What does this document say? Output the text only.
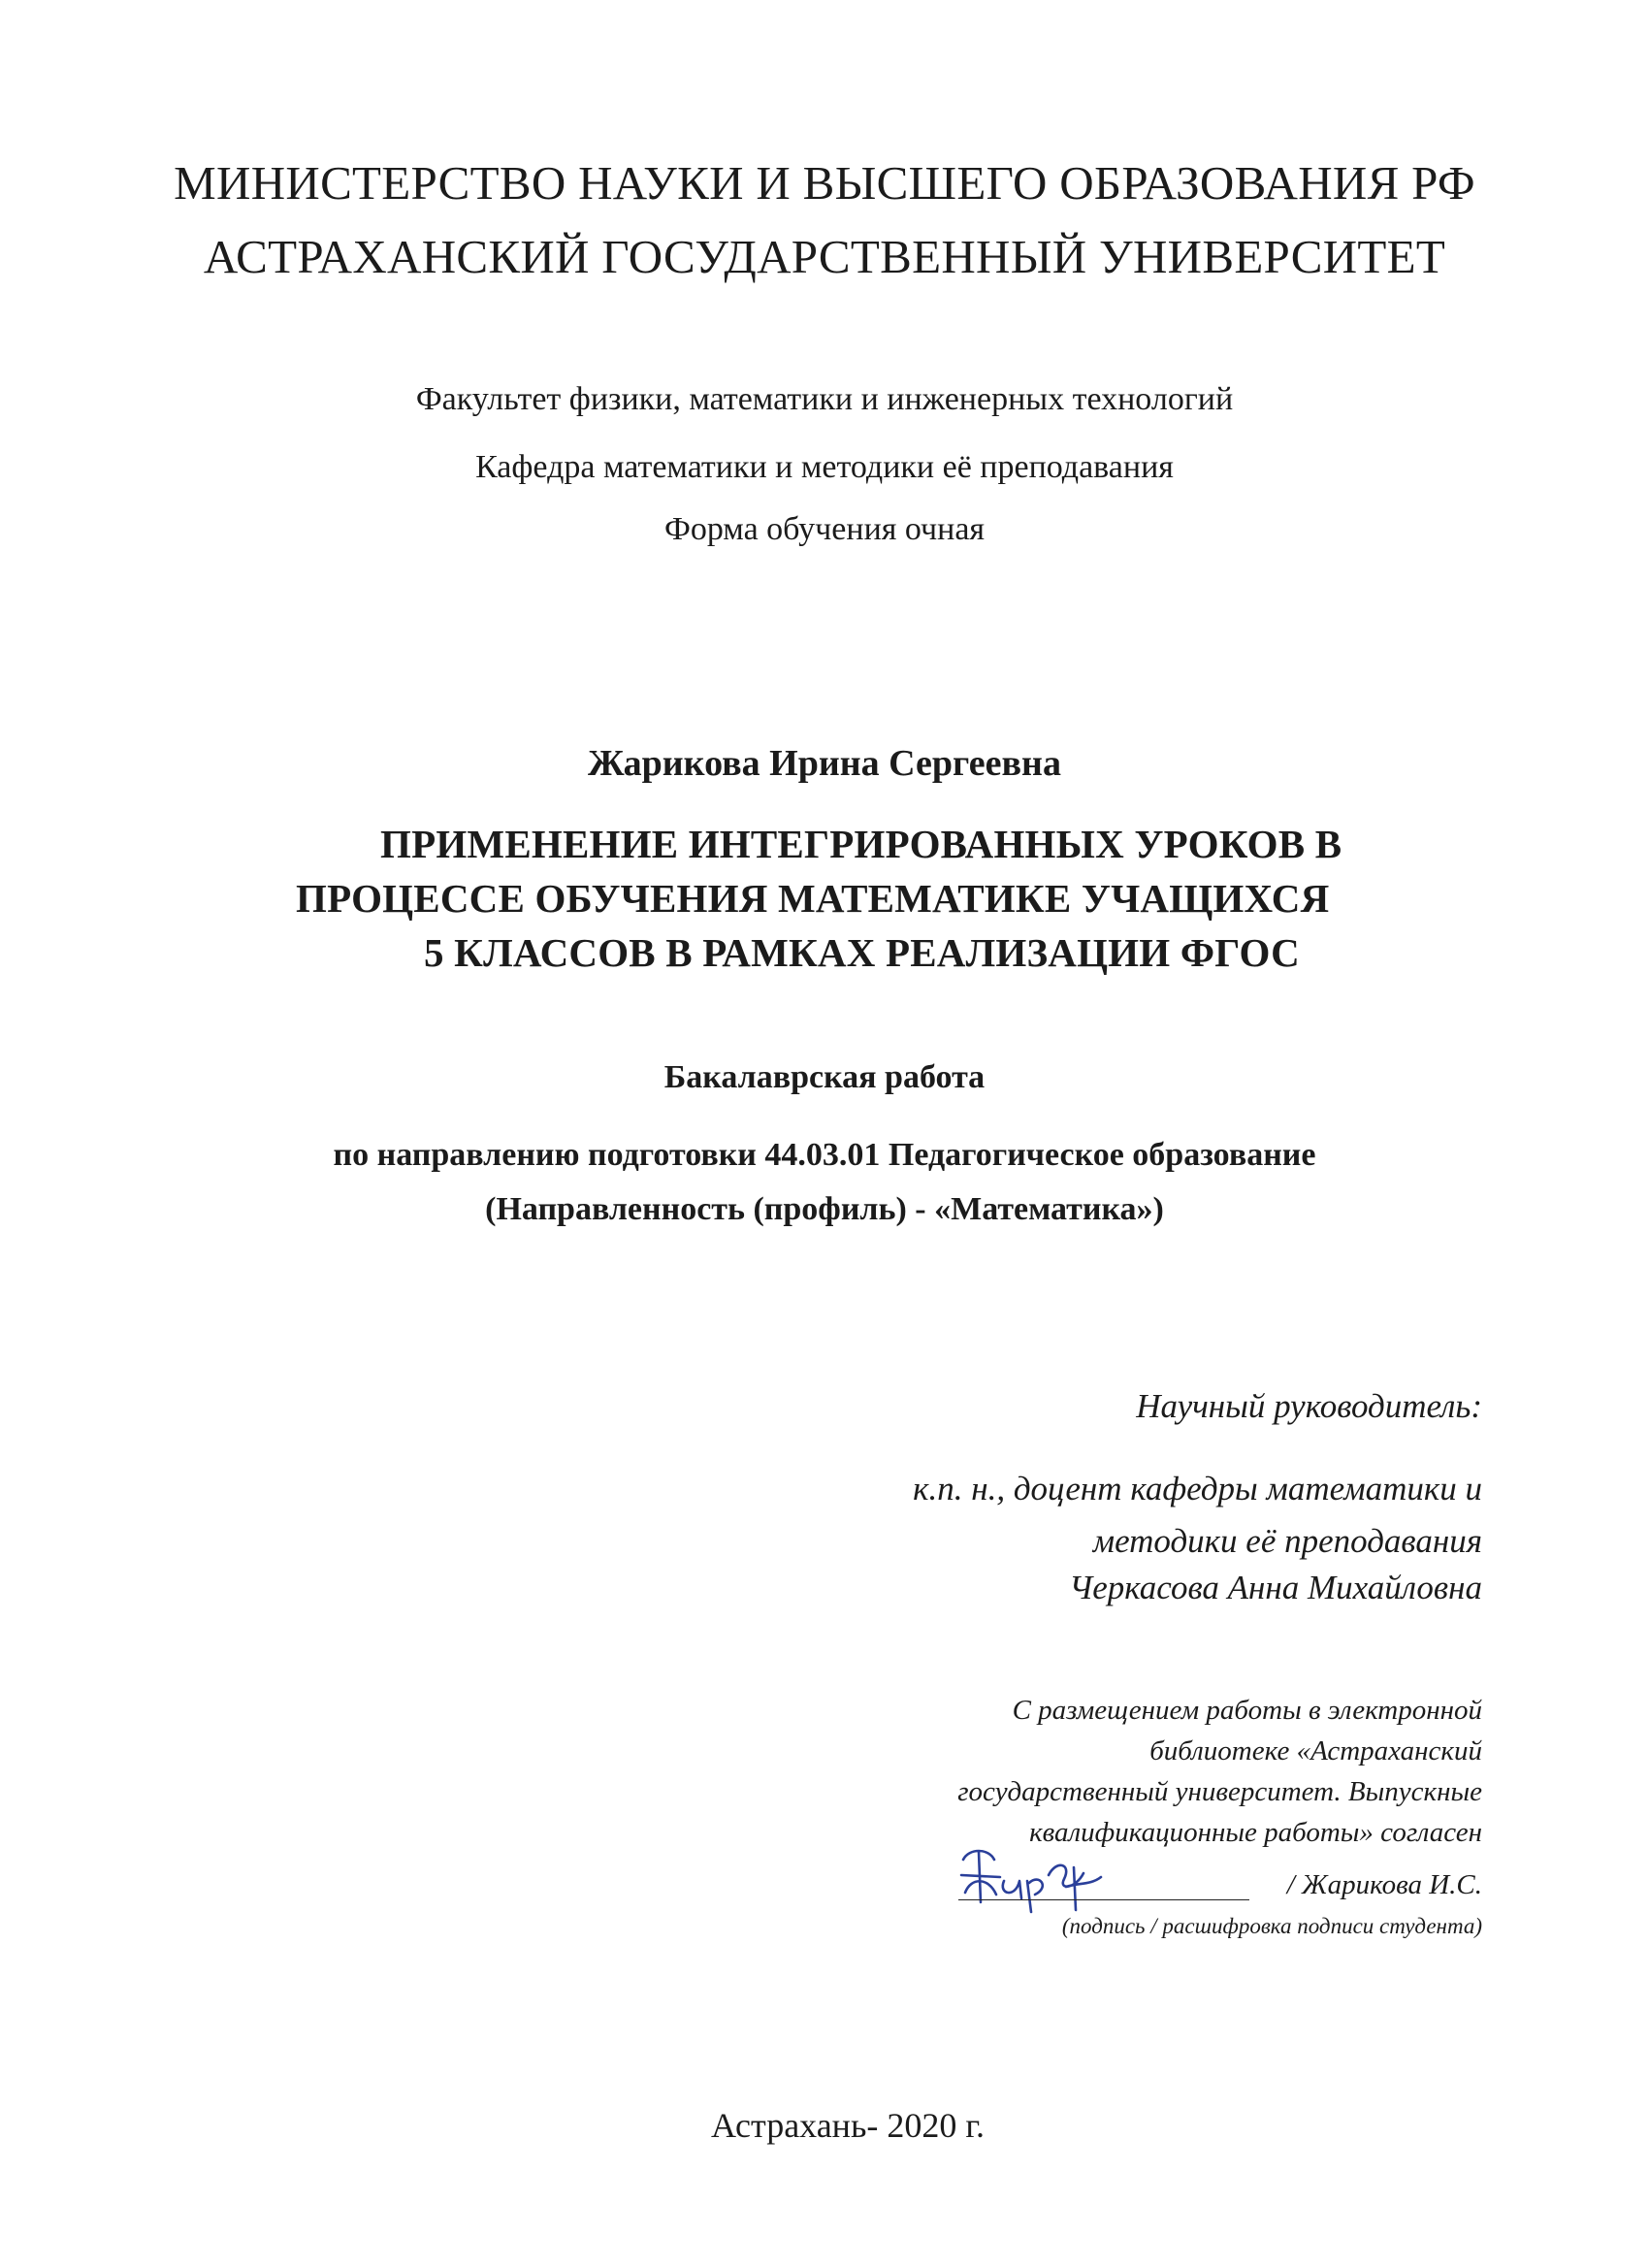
МИНИСТЕРСТВО НАУКИ И ВЫСШЕГО ОБРАЗОВАНИЯ РФ
АСТРАХАНСКИЙ ГОСУДАРСТВЕННЫЙ УНИВЕРСИТЕТ
Факультет физики, математики и инженерных технологий
Кафедра математики и методики её преподавания
Форма обучения очная
Жарикова Ирина Сергеевна
ПРИМЕНЕНИЕ ИНТЕГРИРОВАННЫХ УРОКОВ В
ПРОЦЕССЕ ОБУЧЕНИЯ МАТЕМАТИКЕ УЧАЩИХСЯ
5 КЛАССОВ В РАМКАХ РЕАЛИЗАЦИИ ФГОС
Бакалаврская работа
по направлению подготовки 44.03.01 Педагогическое образование
(Направленность (профиль) - «Математика»)
Научный руководитель:
к.п. н., доцент кафедры математики и
методики её преподавания
Черкасова Анна Михайловна
С размещением работы в электронной
библиотеке «Астраханский
государственный университет. Выпускные
квалификационные работы» согласен
/ Жарикова И.С.
(подпись / расшифровка подписи студента)
Астрахань- 2020 г.
